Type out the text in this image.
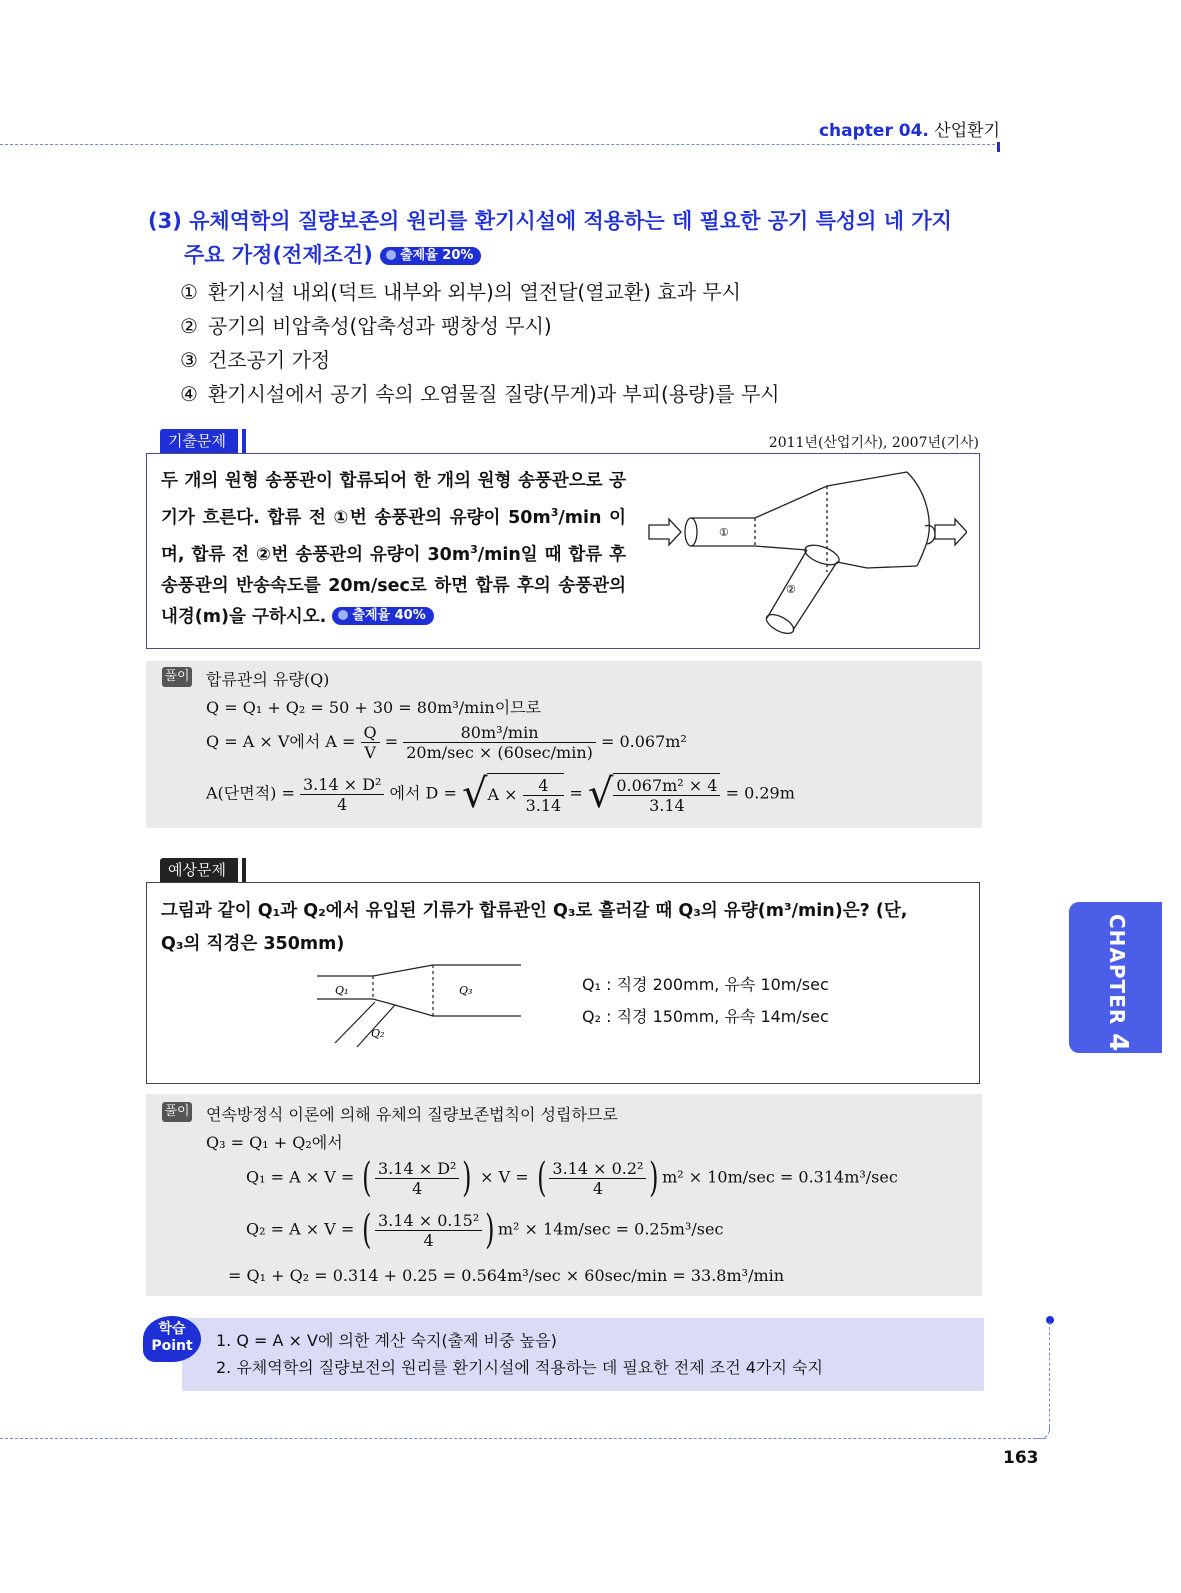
chapter 04. 산업환기
(3) 유체역학의 질량보존의 원리를 환기시설에 적용하는 데 필요한 공기 특성의 네 가지
주요 가정(전제조건) 출제율 20%
① 환기시설 내외(덕트 내부와 외부)의 열전달(열교환) 효과 무시
② 공기의 비압축성(압축성과 팽창성 무시)
③ 건조공기 가정
④ 환기시설에서 공기 속의 오염물질 질량(무게)과 부피(용량)를 무시
기출문제	2011년(산업기사), 2007년(기사)
두 개의 원형 송풍관이 합류되어 한 개의 원형 송풍관으로 공기가 흐른다. 합류 전 ①번 송풍관의 유량이 $50m^3/\min$ 이며, 합류 전 ②번 송풍관의 유량이 $30m^3/\min$일 때 합류 후 송풍관의 반송속도를 20m/sec로 하면 합류 후의 송풍관의 내경(m)을 구하시오. 출제율 40%
①
②
풀이 합류관의 유량(Q)
Q = Q₁ + Q₂ = 50 + 30 = 80m³/min이므로
Q = A × V에서 $A = \frac{Q}{V} = \frac{\text{80m³/min}}{20m/\sec \times (60\sec/\min)} = 0.067m^2$
A(단면적) = $\frac{\text{3.14 × D²}}{4}$ 에서 $D = √A \times \frac{4}{3.14}$ = √ $\frac{\text{0.067m² × 4}}{3.14} = 0.29m$
예상문제
그림과 같이 Q₁과 Q₂에서 유입된 기류가 합류관인 Q₃로 흘러갈 때 Q₃의 유량(m³/min)은? (단,
Q₃의 직경은 350mm)
Q₁	Q₃
Q₂
Q₁ : 직경 200mm, 유속 10m/sec
Q₂ : 직경 150mm, 유속 14m/sec
풀이 연속방정식 이론에 의해 유체의 질량보존법칙이 성립하므로
Q₃ = Q₁ + Q₂에서
Q₁ = A × V = ( $\frac{\text{3.14 × D²}}{4}$ ) × V = ( $\frac{\text{3.14 × 0.2²}}{4}$ ) m² × 10m/sec = 0.314m³/sec
Q₂ = A × V = ( $\frac{\text{3.14 × 0.15²}}{4}$ ) m² × 14m/sec = 0.25m³/sec
= Q₁ + Q₂ = 0.314 + 0.25 = 0.564m³/sec × 60sec/min = 33.8m³/min
1. Q = A × V에 의한 계산 숙지(출제 비중 높음)
2. 유체역학의 질량보전의 원리를 환기시설에 적용하는 데 필요한 전제 조건 4가지 숙지
학습
Point
CHAPTER 4
163
